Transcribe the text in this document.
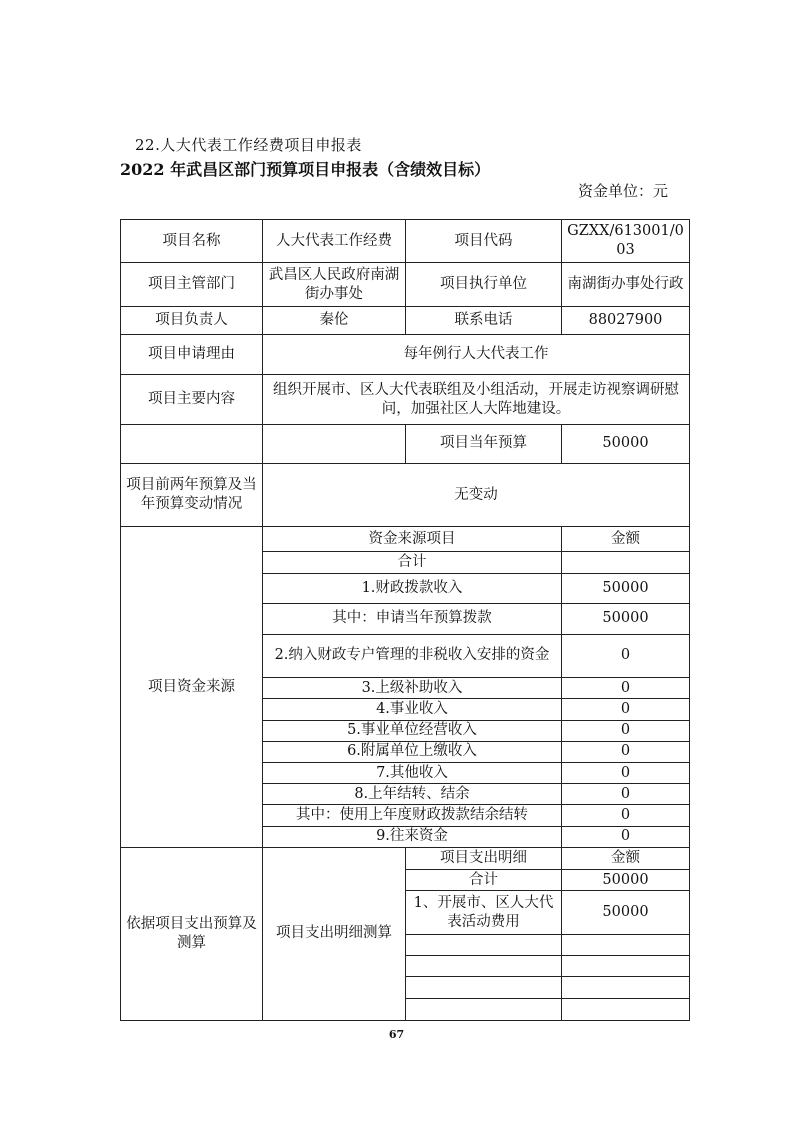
22.人大代表工作经费项目申报表
2022 年武昌区部门预算项目申报表（含绩效目标）
资金单位：元
项目名称	人大代表工作经费	项目代码	GZXX/613001/003
项目主管部门	武昌区人民政府南湖街办事处	项目执行单位	南湖街办事处行政
项目负责人	秦伦	联系电话	88027900
项目申请理由	每年例行人大代表工作		
项目主要内容	组织开展市、区人大代表联组及小组活动，开展走访视察调研慰问，加强社区人大阵地建设。		
		项目当年预算	50000
项目前两年预算及当年预算变动情况	无变动		
项目资金来源	资金来源项目		金额
	合计		
	1.财政拨款收入		50000
	其中：申请当年预算拨款		50000
	2.纳入财政专户管理的非税收入安排的资金		0
	3.上级补助收入		0
	4.事业收入		0
	5.事业单位经营收入		0
	6.附属单位上缴收入		0
	7.其他收入		0
	8.上年结转、结余		0
	其中：使用上年度财政拨款结余结转		0
	9.往来资金		0
依据项目支出预算及测算	项目支出明细测算	项目支出明细	金额
		合计	50000
		1、开展市、区人大代表活动费用	50000

67
